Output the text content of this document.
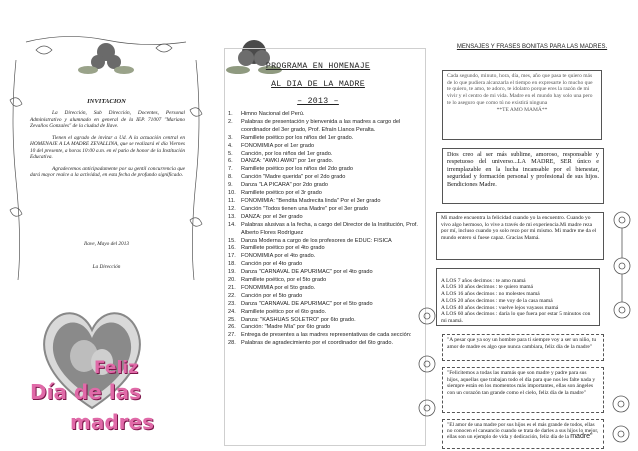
INVITACION

La Dirección, Sub Dirección, Docentes, Personal Administrativo y alumnado en general de la IEP. 71007 "Mariano Zevallos Gonzales" de la ciudad de Ilave.

Tienen el agrado de invitar a Ud. A la actuación central en HOMENAJE A LA MADRE ZEVALLINA, que se realizará el día Viernes 10 del presente, a horas 10:00 a.m. en el patio de honor de la Institución Educativa.

Agradecemos anticipadamente por su gentil concurrencia que dará mayor realce a la actividad, en esta fecha de profundo significado.

Ilave, Mayo del 2013
La Dirección
Feliz
Día de las
madres
PROGRAMA EN HOMENAJE
AL DIA DE LA MADRE
– 2013 –
1. Himno Nacional del Perú.
2. Palabras de presentación y bienvenida a las madres a cargo del coordinador del 3er grado, Prof. Efraín Llanos Peralta.
3. Ramillete poético por los niños del 1er grado.
4. FONOMIMIA por el 1er grado
5. Canción, por los niños del 1er grado.
6. DANZA: "AWKI AWKI" por 1er grado.
7. Ramillete poético por los niños del 2do grado
8. Canción "Madre querida" por el 2do grado
9. Danza "LA PICARA" por 2do grado
10. Ramillete poético por el 3r grado
11. FONOMIMIA: "Bendita Madrecita linda" Por el 3er grado
12. Canción "Todos tienen una Madre" por el 3er grado
13. DANZA: por el 3er grado
14. Palabras alusivas a la fecha, a cargo del Director de la Institución, Prof. Alberto Flores Rodríguez
15. Danza Moderna a cargo de los profesores de EDUC: FISICA
16. Ramillete poético por el 4to grado
17. FONOMIMIA por el 4to grado.
18. Canción por el 4to grado
19. Danza "CARNAVAL DE APURIMAC" por el 4to grado
20. Ramillete poético, por el 5to grado
21. FONOMIMIA por el 5to grado.
22. Canción por el 5to grado
23. Danza "CARNAVAL DE APURIMAC" por el 5to grado
24. Ramillete poético por el 6to grado.
25. Danza: "KASHUAS SOLETRO" por 6to grado.
26. Canción: "Madre Mía" por 6to grado
27. Entrega de presentes a las madres representativas de cada sección:
28. Palabras de agradecimiento por el coordinador del 6to grado.
MENSAJES Y FRASES BONITAS PARA LAS MADRES.
Cada segundo, minuto, hora, día, mes, año que pasa te quiero más de lo que pudiera alcanzarla el tiempo en expresarte lo mucho que te quiero, te amo, te adoro, te idolatro porque eres la razón de mi vivir y el centro de mi vida. Madre en el mundo hay solo una pero te lo aseguro que como tú no existirá ninguna

**TE AMO MAMÁ**
Dios creo al ser más sublime, amoroso, responsable y respetuoso del universo...LA MADRE, SER único e irremplazable en la lucha incansable por el bienestar, seguridad y formación personal y profesional de sus hijos. Bendiciones Madre.
Mi madre encuentra la felicidad cuando yo la encuentro. Cuando yo vivo algo hermoso, lo vive a través de mi experiencia.Mi madre reza por mí, incluso cuando yo solo rezo por mi mismo. Mi madre me da el mundo entero si fuese capaz. Gracias Mamá.

A LOS 7 años decimos : te amo mamá
A LOS 10 años decimos : te quiero mamá
A LOS 16 años decimos : no molestes mamá
A LOS 20 años decimos : me voy de la casa mamá
A LOS 40 años decimos : vuelve lejos vayasss mamá
A LOS 60 años decimos : daría lo que fuera por estar 5 minutos con mi mamá.

"A pesar que ya soy un hombre para ti siempre voy a ser un niño, tu amor de madre es algo que nunca cambiara, feliz día de la madre"
"Felicitemos a todas las mamás que son madre y padre para sus hijos, aquellas que trabajan todo el día para que nos les falte nada y siempre están en los momentos más importantes, ellas son ángeles con un corazón tan grande como el cielo, feliz día de la madre"
"El amor de una madre por sus hijos es el más grande de todos, ellas no conocen el cansancio cuando se trata de darles a sus hijos lo mejor, ellas son un ejemplo de vida y dedicación, feliz día de la madre"
